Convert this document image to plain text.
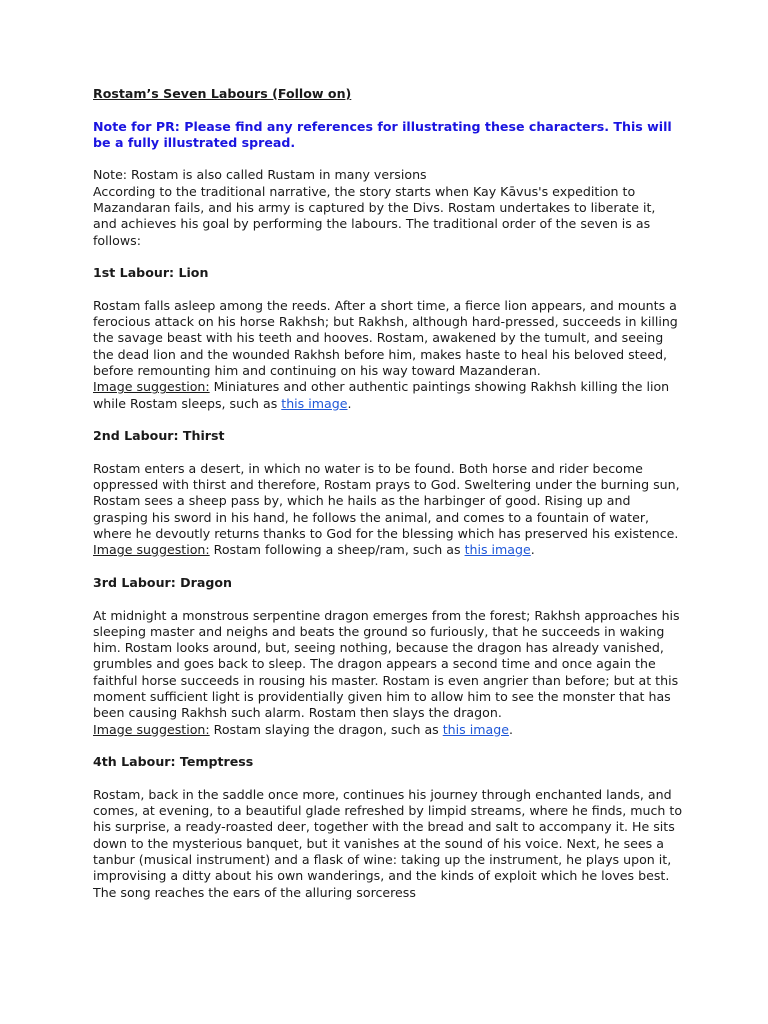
Rostam’s Seven Labours (Follow on)

Note for PR: Please find any references for illustrating these characters. This will be a fully illustrated spread.

Note: Rostam is also called Rustam in many versions

According to the traditional narrative, the story starts when Kay Kāvus's expedition to Mazandaran fails, and his army is captured by the Divs. Rostam undertakes to liberate it, and achieves his goal by performing the labours. The traditional order of the seven is as follows:

1st Labour: Lion

Rostam falls asleep among the reeds. After a short time, a fierce lion appears, and mounts a ferocious attack on his horse Rakhsh; but Rakhsh, although hard-pressed, succeeds in killing the savage beast with his teeth and hooves. Rostam, awakened by the tumult, and seeing the dead lion and the wounded Rakhsh before him, makes haste to heal his beloved steed, before remounting him and continuing on his way toward Mazanderan.

Image suggestion: Miniatures and other authentic paintings showing Rakhsh killing the lion while Rostam sleeps, such as this image.

2nd Labour: Thirst

Rostam enters a desert, in which no water is to be found. Both horse and rider become oppressed with thirst and therefore, Rostam prays to God. Sweltering under the burning sun, Rostam sees a sheep pass by, which he hails as the harbinger of good. Rising up and grasping his sword in his hand, he follows the animal, and comes to a fountain of water, where he devoutly returns thanks to God for the blessing which has preserved his existence.

Image suggestion: Rostam following a sheep/ram, such as this image.

3rd Labour: Dragon

At midnight a monstrous serpentine dragon emerges from the forest; Rakhsh approaches his sleeping master and neighs and beats the ground so furiously, that he succeeds in waking him. Rostam looks around, but, seeing nothing, because the dragon has already vanished, grumbles and goes back to sleep. The dragon appears a second time and once again the faithful horse succeeds in rousing his master. Rostam is even angrier than before; but at this moment sufficient light is providentially given him to allow him to see the monster that has been causing Rakhsh such alarm. Rostam then slays the dragon.

Image suggestion: Rostam slaying the dragon, such as this image.

4th Labour: Temptress

Rostam, back in the saddle once more, continues his journey through enchanted lands, and comes, at evening, to a beautiful glade refreshed by limpid streams, where he finds, much to his surprise, a ready-roasted deer, together with the bread and salt to accompany it. He sits down to the mysterious banquet, but it vanishes at the sound of his voice. Next, he sees a tanbur (musical instrument) and a flask of wine: taking up the instrument, he plays upon it, improvising a ditty about his own wanderings, and the kinds of exploit which he loves best. The song reaches the ears of the alluring sorceress
